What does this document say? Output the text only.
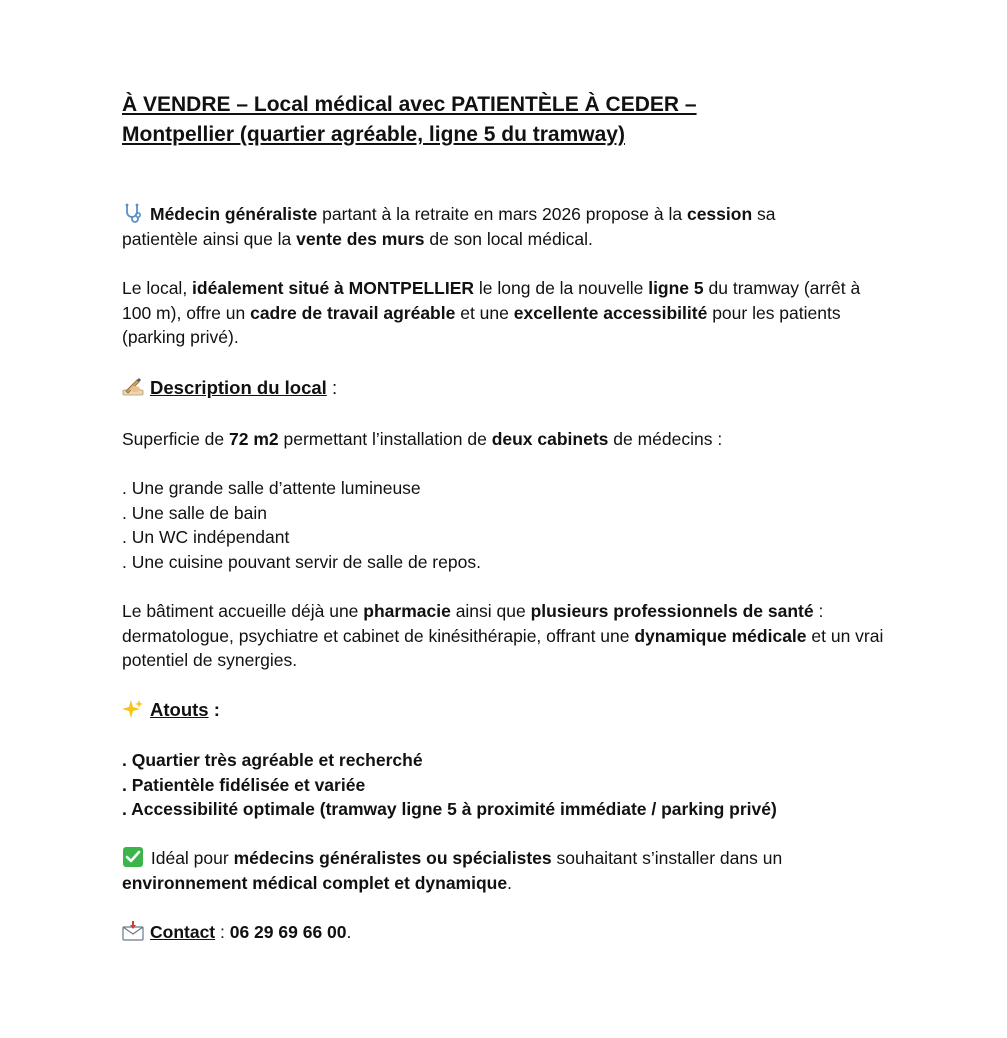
À VENDRE – Local médical avec PATIENTÈLE À CEDER –
Montpellier (quartier agréable, ligne 5 du tramway)

Médecin généraliste partant à la retraite en mars 2026 propose à la cession sa patientèle ainsi que la vente des murs de son local médical.

Le local, idéalement situé à MONTPELLIER le long de la nouvelle ligne 5 du tramway (arrêt à 100 m), offre un cadre de travail agréable et une excellente accessibilité pour les patients (parking privé).

Description du local :

Superficie de 72 m2 permettant l’installation de deux cabinets de médecins :

. Une grande salle d’attente lumineuse
. Une salle de bain
. Un WC indépendant
. Une cuisine pouvant servir de salle de repos.

Le bâtiment accueille déjà une pharmacie ainsi que plusieurs professionnels de santé : dermatologue, psychiatre et cabinet de kinésithérapie, offrant une dynamique médicale et un vrai potentiel de synergies.

Atouts :

. Quartier très agréable et recherché
. Patientèle fidélisée et variée
. Accessibilité optimale (tramway ligne 5 à proximité immédiate / parking privé)

Idéal pour médecins généralistes ou spécialistes souhaitant s’installer dans un environnement médical complet et dynamique.

Contact : 06 29 69 66 00.
